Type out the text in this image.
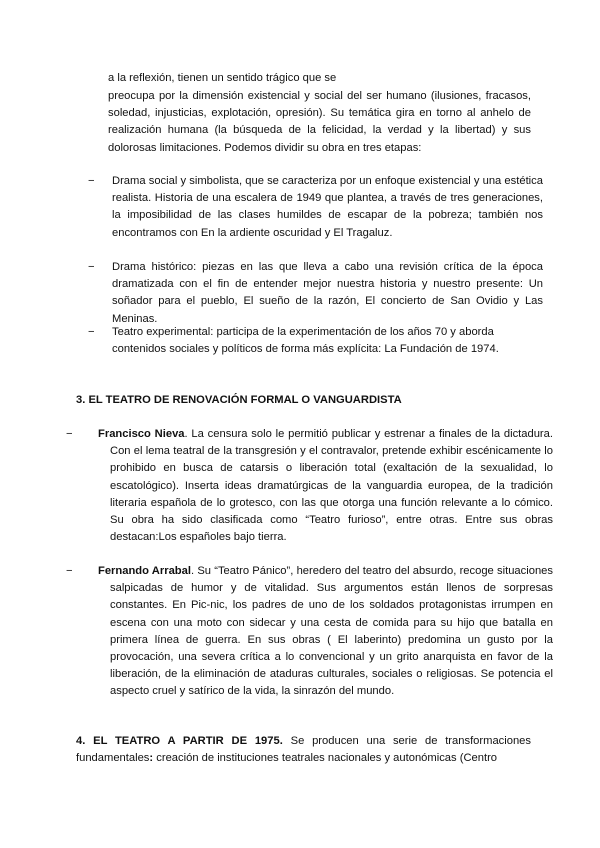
a la reflexión, tienen un sentido trágico que se

preocupa por la dimensión existencial y social del ser humano (ilusiones, fracasos, soledad, injusticias, explotación, opresión). Su temática gira en torno al anhelo de realización humana (la búsqueda de la felicidad, la verdad y la libertad) y sus dolorosas limitaciones. Podemos dividir su obra en tres etapas:

− Drama social y simbolista, que se caracteriza por un enfoque existencial y una estética realista. Historia de una escalera de 1949 que plantea, a través de tres generaciones, la imposibilidad de las clases humildes de escapar de la pobreza; también nos encontramos con En la ardiente oscuridad y El Tragaluz.
− Drama histórico: piezas en las que lleva a cabo una revisión crítica de la época dramatizada con el fin de entender mejor nuestra historia y nuestro presente: Un soñador para el pueblo, El sueño de la razón, El concierto de San Ovidio y Las Meninas.
− Teatro experimental: participa de la experimentación de los años 70 y aborda contenidos sociales y políticos de forma más explícita: La Fundación de 1974.
3. EL TEATRO DE RENOVACIÓN FORMAL O VANGUARDISTA
− Francisco Nieva. La censura solo le permitió publicar y estrenar a finales de la dictadura. Con el lema teatral de la transgresión y el contravalor, pretende exhibir escénicamente lo prohibido en busca de catarsis o liberación total (exaltación de la sexualidad, lo escatológico). Inserta ideas dramatúrgicas de la vanguardia europea, de la tradición literaria española de lo grotesco, con las que otorga una función relevante a lo cómico. Su obra ha sido clasificada como “Teatro furioso”, entre otras. Entre sus obras destacan:Los españoles bajo tierra.
− Fernando Arrabal. Su “Teatro Pánico”, heredero del teatro del absurdo, recoge situaciones salpicadas de humor y de vitalidad. Sus argumentos están llenos de sorpresas constantes. En Pic-nic, los padres de uno de los soldados protagonistas irrumpen en escena con una moto con sidecar y una cesta de comida para su hijo que batalla en primera línea de guerra. En sus obras ( El laberinto) predomina un gusto por la provocación, una severa crítica a lo convencional y un grito anarquista en favor de la liberación, de la eliminación de ataduras culturales, sociales o religiosas. Se potencia el aspecto cruel y satírico de la vida, la sinrazón del mundo.

4. EL TEATRO A PARTIR DE 1975. Se producen una serie de transformaciones fundamentales: creación de instituciones teatrales nacionales y autonómicas (Centro
